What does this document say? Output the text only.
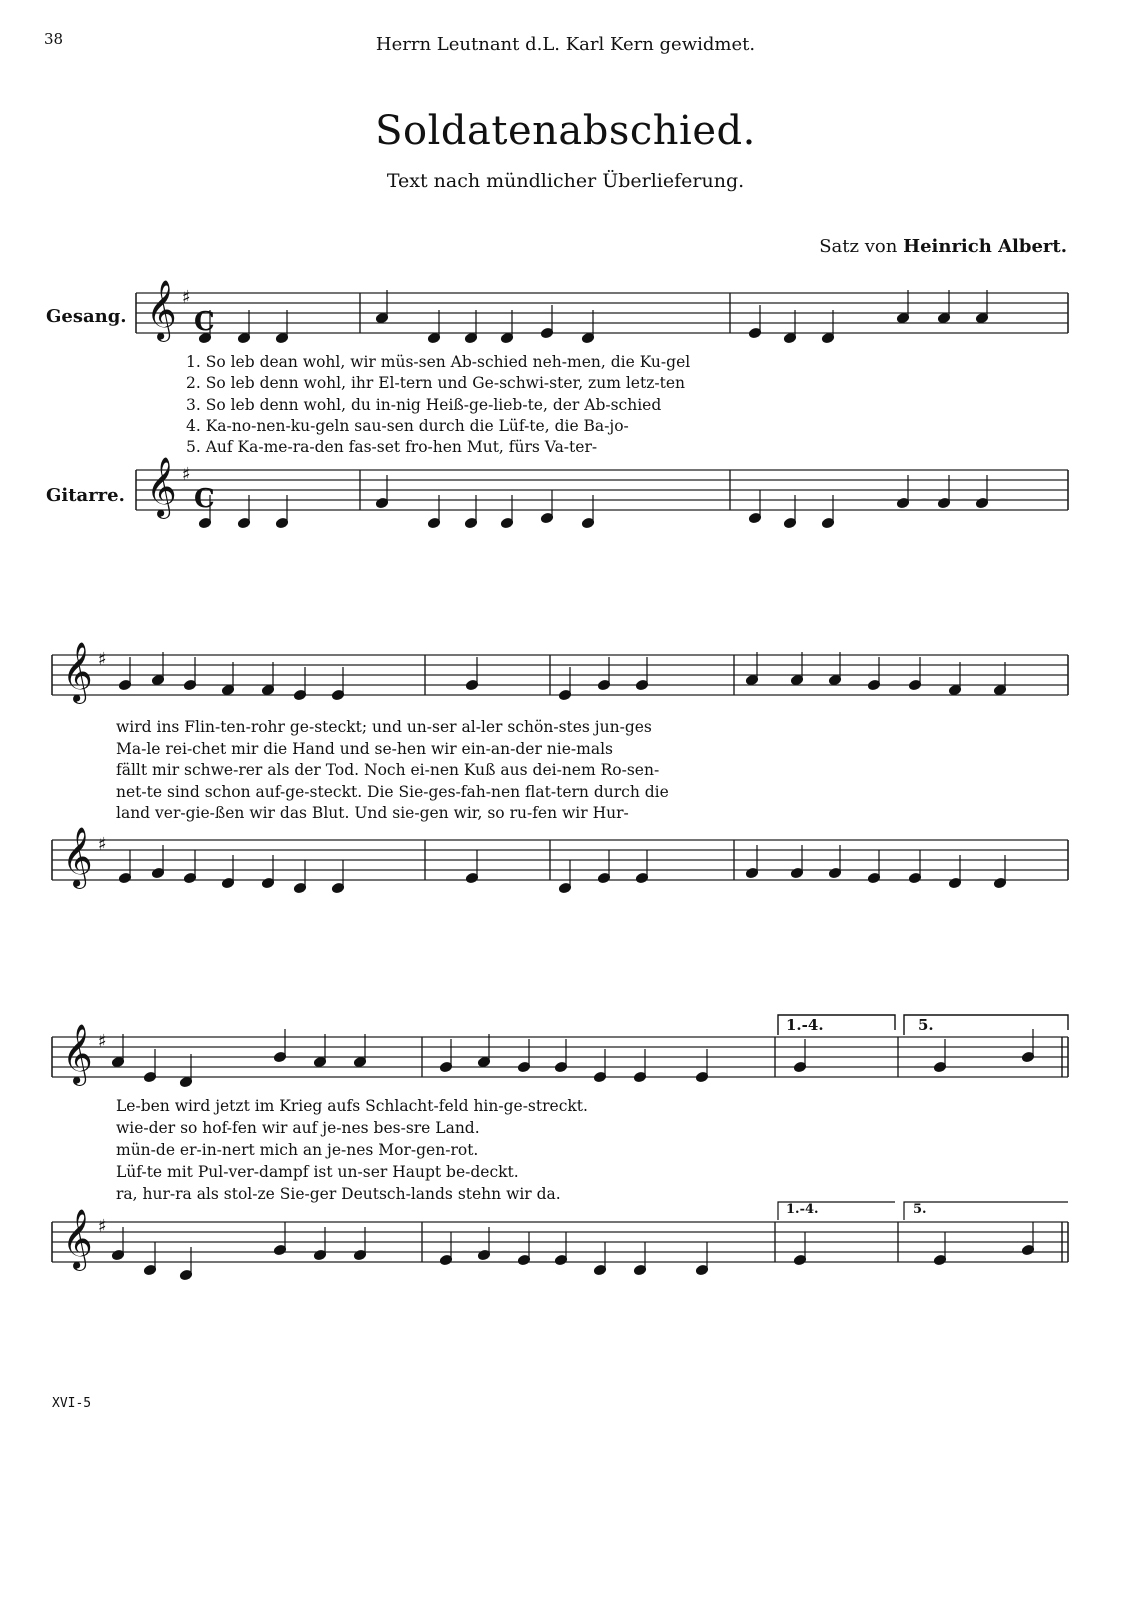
38	Herrn Leutnant d.L. Karl Kern gewidmet.
Soldatenabschied.
Text nach mündlicher Überlieferung.
Satz von Heinrich Albert.
Gesang.
Gitarre.
𝄞 ♯
𝄞 ♯
𝄞 ♯
𝄞 ♯
𝄞 ♯
𝄞 ♯
C
C
1. So leb dean wohl, wir müs-sen Ab-schied neh-men, die Ku-gel
2. So leb denn wohl, ihr El-tern und Ge-schwi-ster, zum letz-ten
3. So leb denn wohl, du in-nig Heiß-ge-lieb-te, der Ab-schied
4. Ka-no-nen-ku-geln sau-sen durch die Lüf-te, die Ba-jo-
5. Auf Ka-me-ra-den fas-set fro-hen Mut, fürs Va-ter-
wird ins Flin-ten-rohr ge-steckt; und un-ser al-ler schön-stes jun-ges
Ma-le rei-chet mir die Hand und se-hen wir ein-an-der nie-mals
fällt mir schwe-rer als der Tod. Noch ei-nen Kuß aus dei-nem Ro-sen-
net-te sind schon auf-ge-steckt. Die Sie-ges-fah-nen flat-tern durch die
land ver-gie-ßen wir das Blut. Und sie-gen wir, so ru-fen wir Hur-
Le-ben wird jetzt im Krieg aufs Schlacht-feld hin-ge-streckt.
wie-der so hof-fen wir auf je-nes bes-sre Land.
mün-de er-in-nert mich an je-nes Mor-gen-rot.
Lüf-te mit Pul-ver-dampf ist un-ser Haupt be-deckt.
ra, hur-ra als stol-ze Sie-ger Deutsch-lands stehn wir da.
1.-4.	5.
1.-4.	5.
XVI-5
